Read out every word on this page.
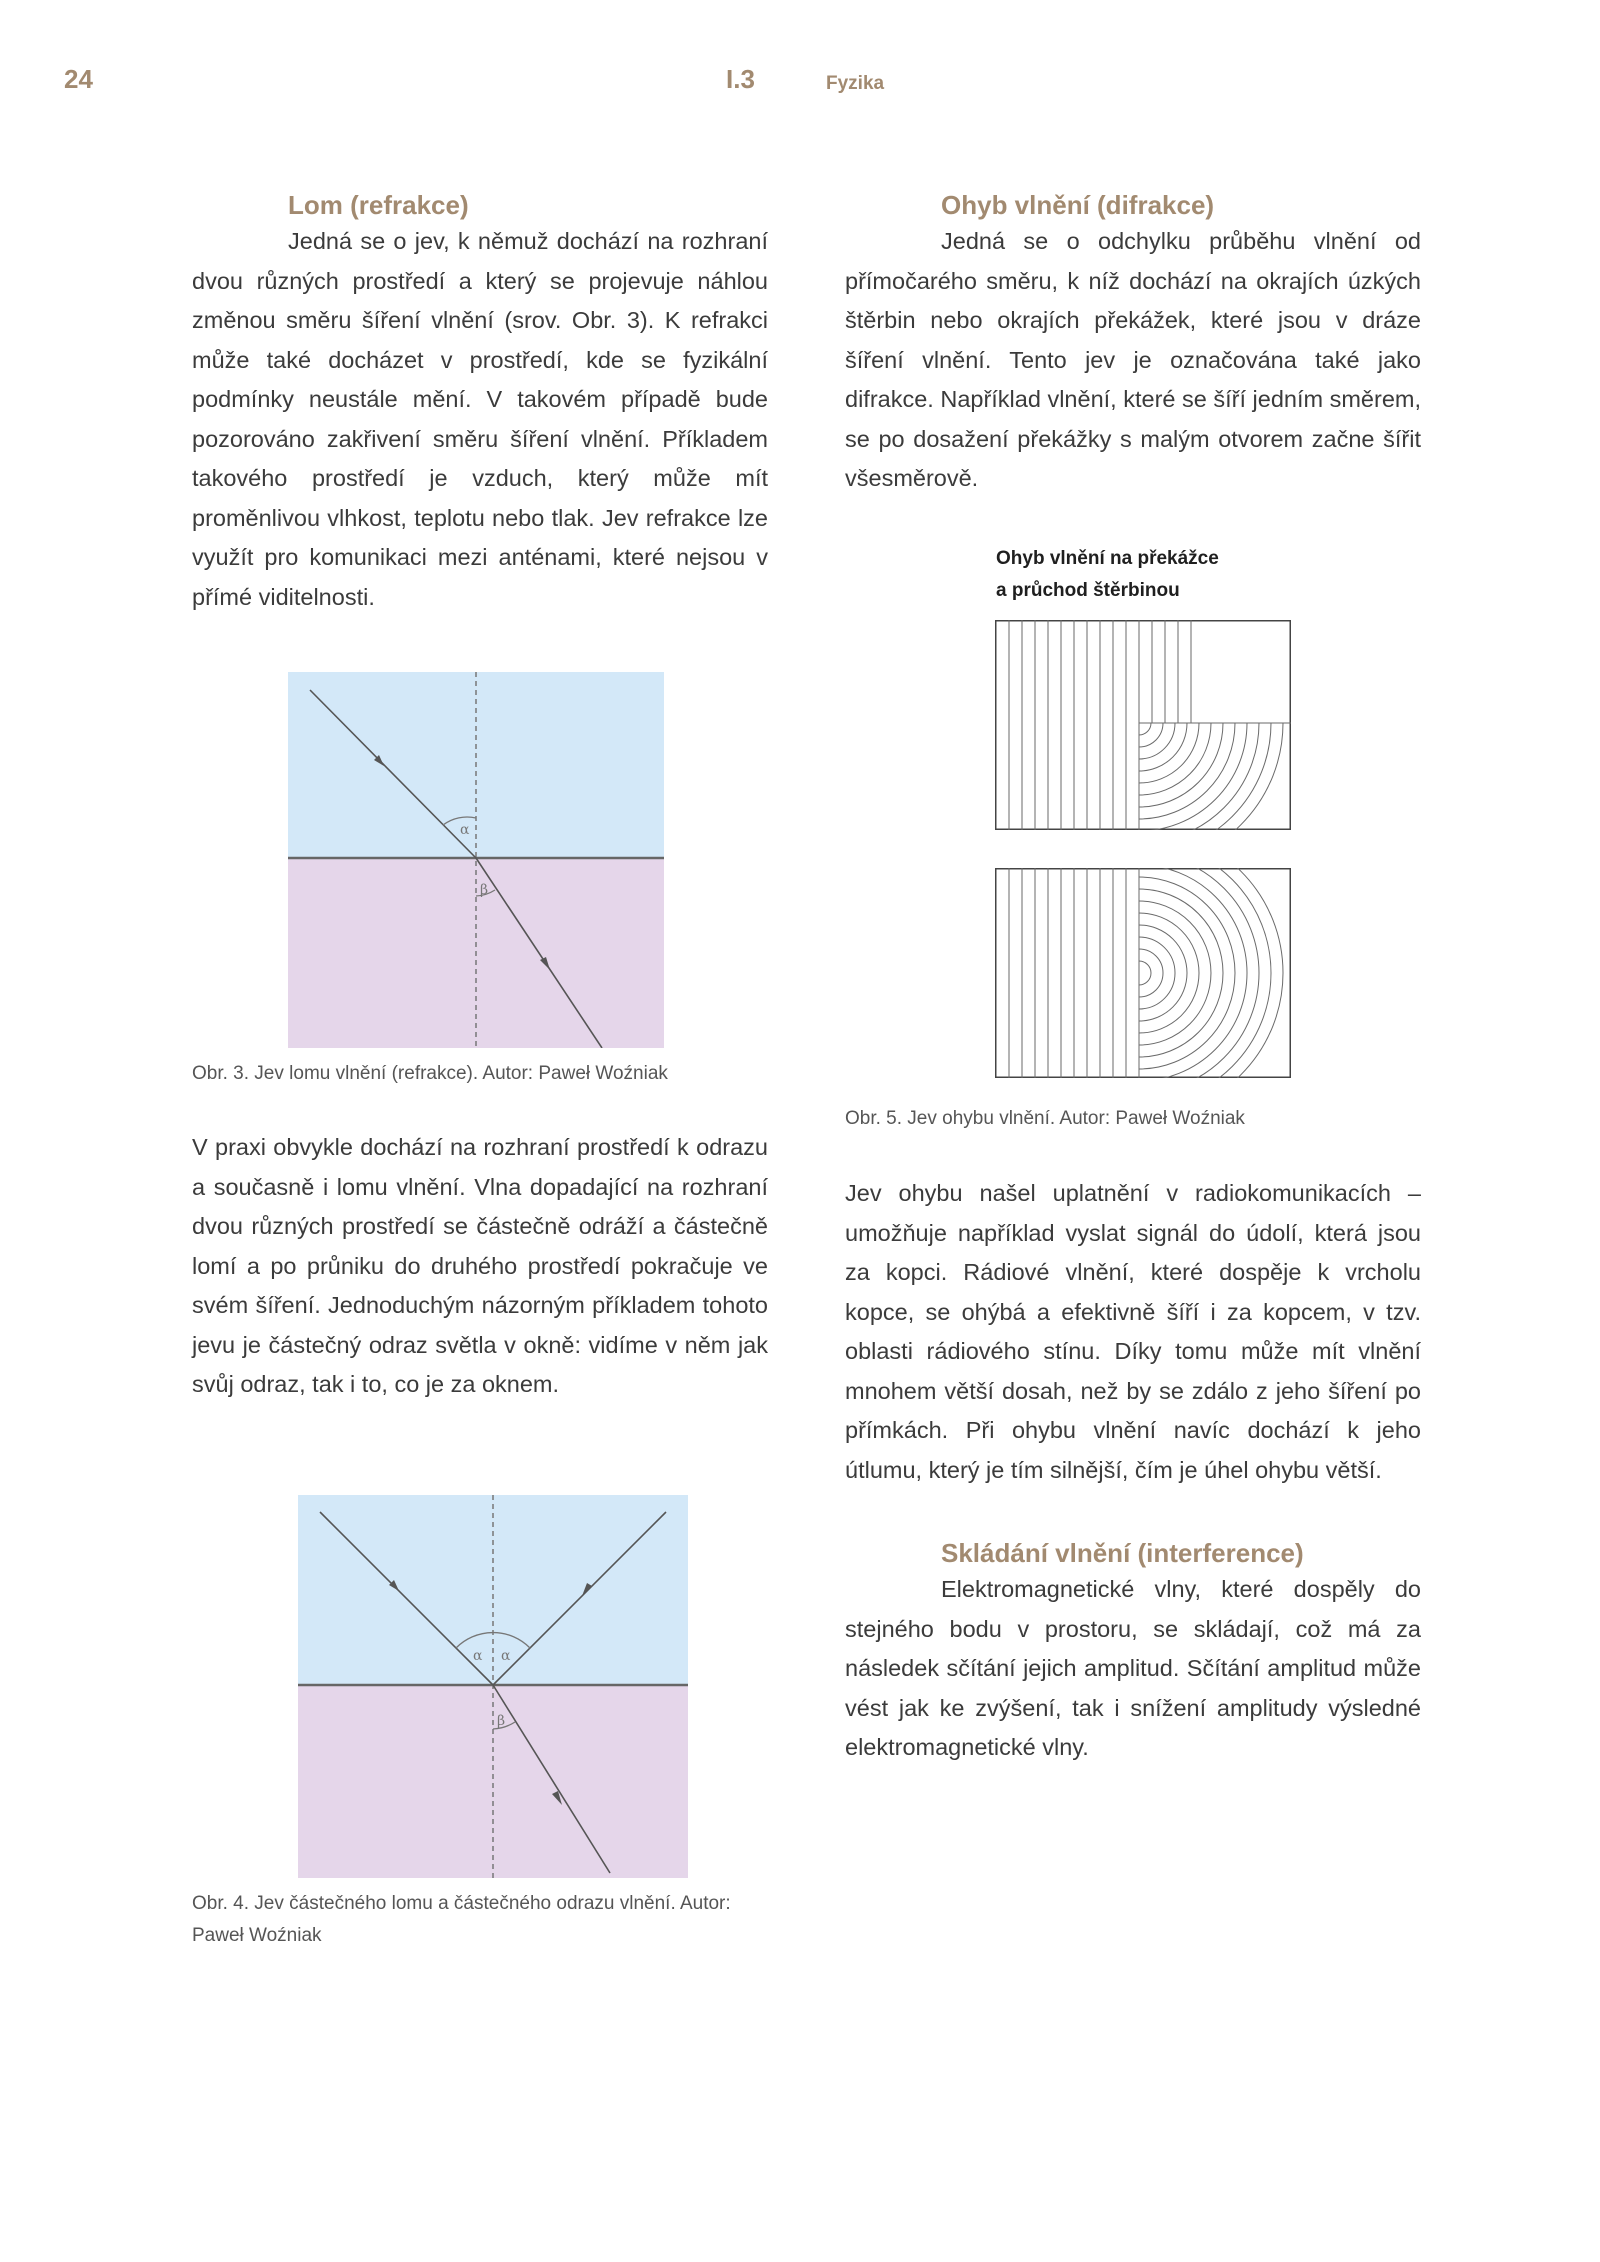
24	I.3	Fyzika
Lom (refrakce)

Jedná se o jev, k němuž dochází na rozhraní dvou různých prostředí a který se projevuje náhlou změnou směru šíření vlnění (srov. Obr. 3). K refrakci může také docházet v prostředí, kde se fyzikální podmínky neustále mění. V takovém případě bude pozorováno zakřivení směru šíření vlnění. Příkladem takového prostředí je vzduch, který může mít proměnlivou vlhkost, teplotu nebo tlak. Jev refrakce lze využít pro komunikaci mezi anténami, které nejsou v přímé viditelnosti.

α
β
Obr. 3. Jev lomu vlnění (refrakce). Autor: Paweł Woźniak

V praxi obvykle dochází na rozhraní prostředí k odrazu a současně i lomu vlnění. Vlna dopadající na rozhraní dvou různých prostředí se částečně odráží a částečně lomí a po průniku do druhého prostředí pokračuje ve svém šíření. Jednoduchým názorným příkladem tohoto jevu je částečný odraz světla v okně: vidíme v něm jak svůj odraz, tak i to, co je za oknem.

α α
β
Obr. 4. Jev částečného lomu a částečného odrazu vlnění. Autor: Paweł Woźniak
Ohyb vlnění (difrakce)

Jedná se o odchylku průběhu vlnění od přímočarého směru, k níž dochází na okrajích úzkých štěrbin nebo okrajích překážek, které jsou v dráze šíření vlnění. Tento jev je označována také jako difrakce. Například vlnění, které se šíří jedním směrem, se po dosažení překážky s malým otvorem začne šířit všesměrově.

Ohyb vlnění na překážce
a průchod štěrbinou
Obr. 5. Jev ohybu vlnění. Autor: Paweł Woźniak

Jev ohybu našel uplatnění v radiokomunikacích – umožňuje například vyslat signál do údolí, která jsou za kopci. Rádiové vlnění, které dospěje k vrcholu kopce, se ohýbá a efektivně šíří i za kopcem, v tzv. oblasti rádiového stínu. Díky tomu může mít vlnění mnohem větší dosah, než by se zdálo z jeho šíření po přímkách. Při ohybu vlnění navíc dochází k jeho útlumu, který je tím silnější, čím je úhel ohybu větší.

Skládání vlnění (interference)

Elektromagnetické vlny, které dospěly do stejného bodu v prostoru, se skládají, což má za následek sčítání jejich amplitud. Sčítání amplitud může vést jak ke zvýšení, tak i snížení amplitudy výsledné elektromagnetické vlny.
